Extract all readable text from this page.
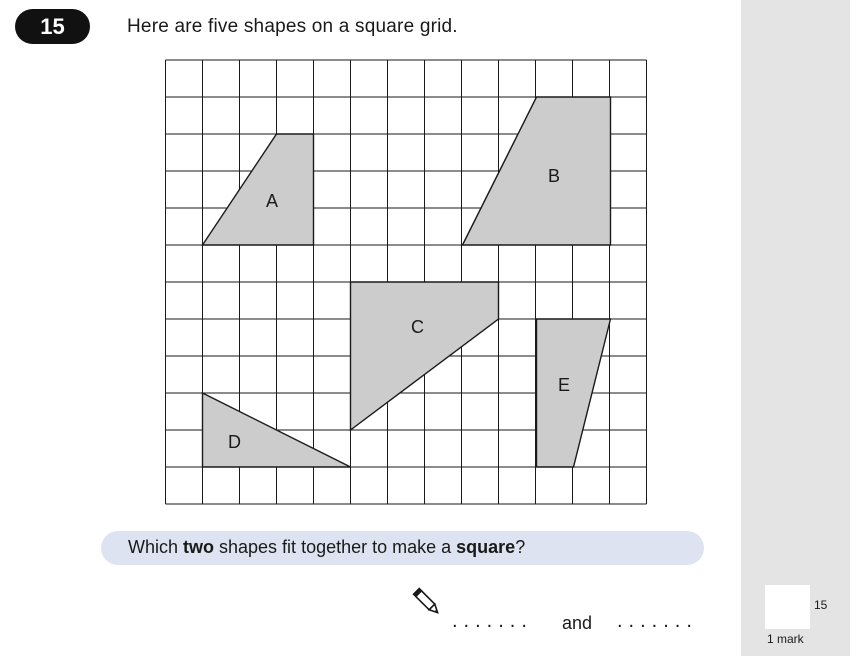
15	Here are five shapes on a square grid.
A
B
C
D
E
Which two shapes fit together to make a square?
....... and .......
15
1 mark
